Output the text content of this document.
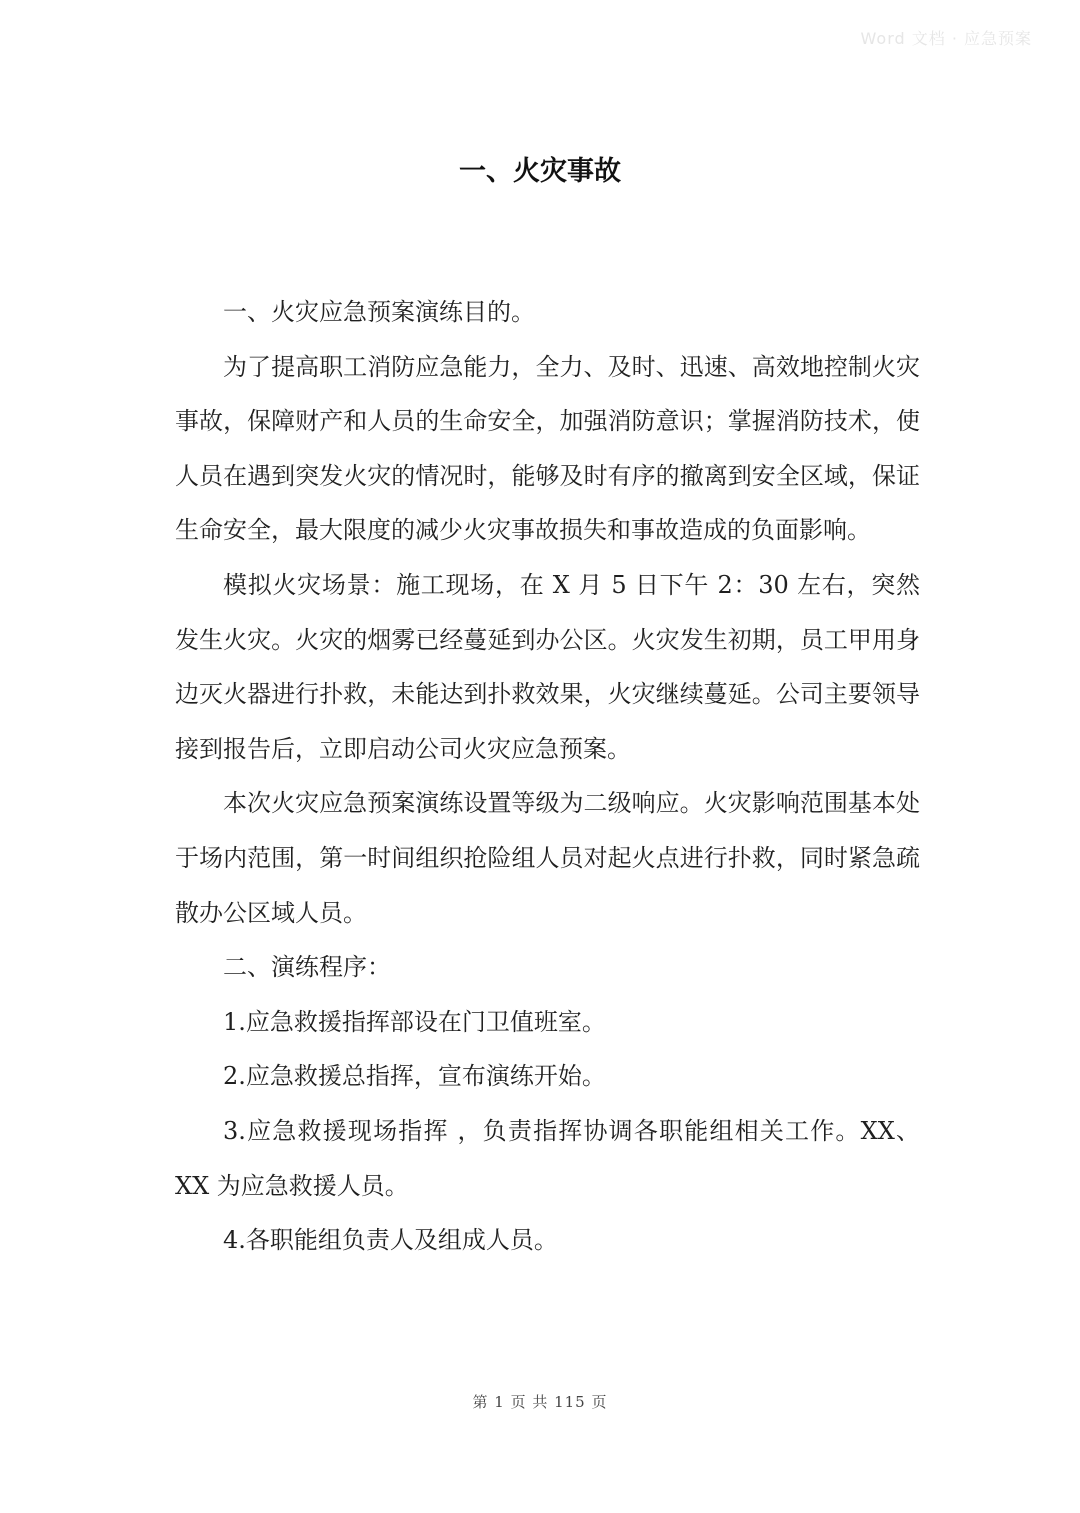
Word 文档 · 应急预案
一、火灾事故

一、火灾应急预案演练目的。

为了提高职工消防应急能力，全力、及时、迅速、高效地控制火灾事故，保障财产和人员的生命安全，加强消防意识；掌握消防技术，使人员在遇到突发火灾的情况时，能够及时有序的撤离到安全区域，保证生命安全，最大限度的减少火灾事故损失和事故造成的负面影响。

模拟火灾场景：施工现场，在 X 月 5 日下午 2：30 左右，突然发生火灾。火灾的烟雾已经蔓延到办公区。火灾发生初期，员工甲用身边灭火器进行扑救，未能达到扑救效果，火灾继续蔓延。公司主要领导接到报告后，立即启动公司火灾应急预案。

本次火灾应急预案演练设置等级为二级响应。火灾影响范围基本处于场内范围，第一时间组织抢险组人员对起火点进行扑救，同时紧急疏散办公区域人员。

二、演练程序：

1.应急救援指挥部设在门卫值班室。

2.应急救援总指挥，宣布演练开始。

3.应急救援现场指挥 ，负责指挥协调各职能组相关工作。XX、XX 为应急救援人员。

4.各职能组负责人及组成人员。

第 1 页 共 115 页
